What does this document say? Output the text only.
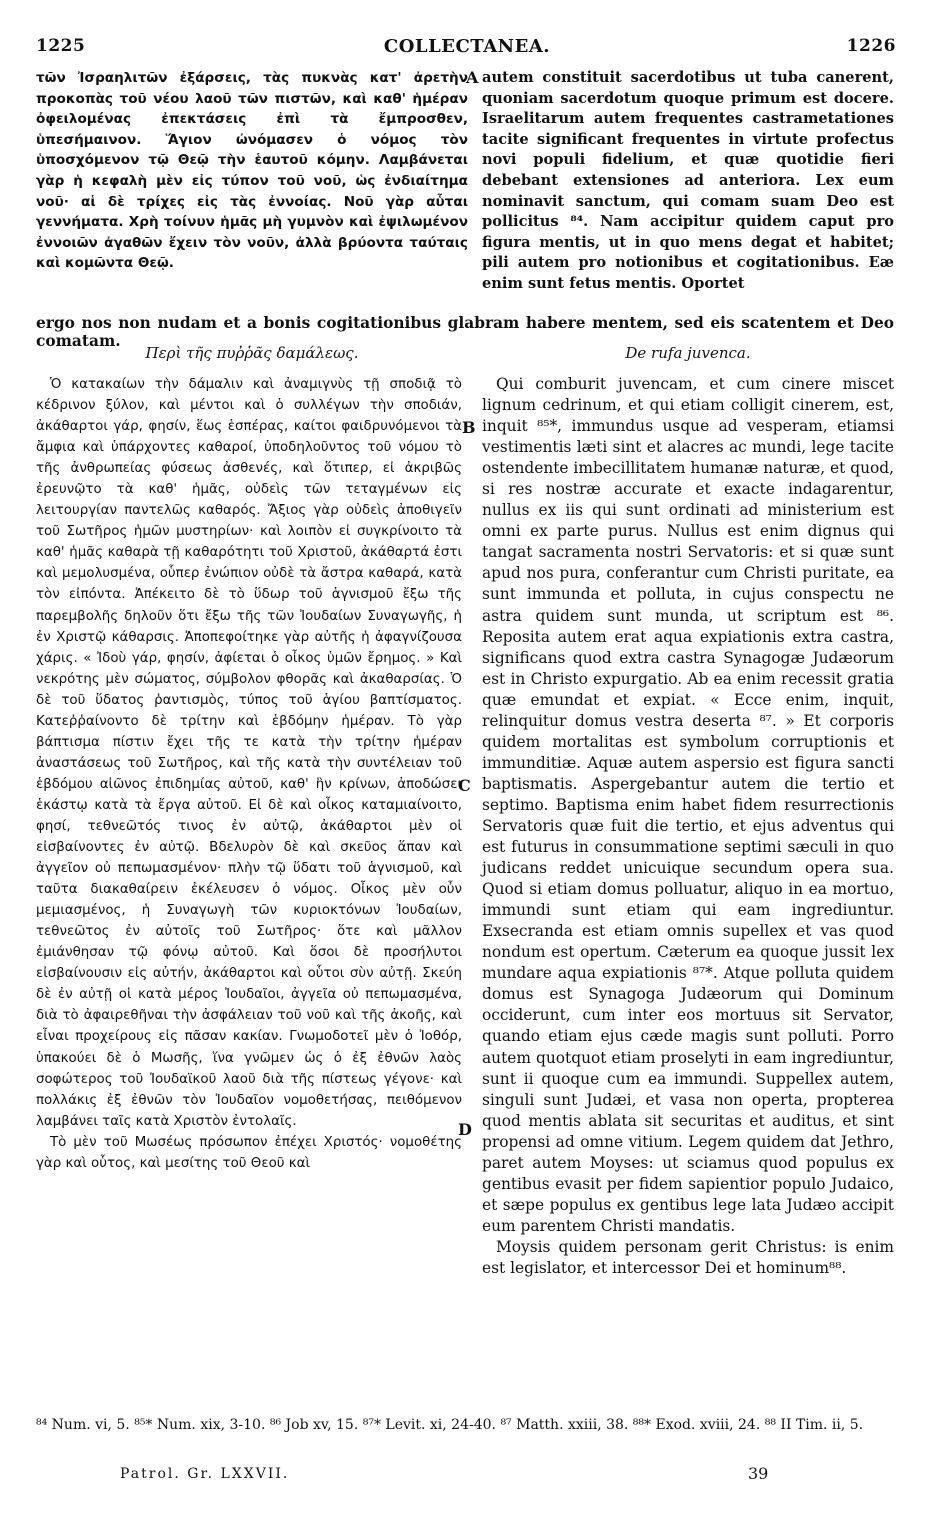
1225	COLLECTANEA.	1226
τῶν Ἰσραηλιτῶν ἐξάρσεις, τὰς πυκνὰς κατ' ἀρετὴν προκοπὰς τοῦ νέου λαοῦ τῶν πιστῶν, καὶ καθ' ἡμέραν ὀφειλομένας ἐπεκτάσεις ἐπὶ τὰ ἔμπροσθεν, ὑπεσήμαινον. Ἅγιον ὠνόμασεν ὁ νόμος τὸν ὑποσχόμενον τῷ Θεῷ τὴν ἑαυτοῦ κόμην. Λαμβάνεται γὰρ ἡ κεφαλὴ μὲν εἰς τύπον τοῦ νοῦ, ὡς ἐνδιαίτημα νοῦ· αἱ δὲ τρίχες εἰς τὰς ἐννοίας. Νοῦ γὰρ αὗται γεννήματα. Χρὴ τοίνυν ἡμᾶς μὴ γυμνὸν καὶ ἐψιλωμένον ἐννοιῶν ἀγαθῶν ἔχειν τὸν νοῦν, ἀλλὰ βρύοντα ταύταις καὶ κομῶντα Θεῷ.
autem constituit sacerdotibus ut tuba canerent, quoniam sacerdotum quoque primum est docere. Israelitarum autem frequentes castrametationes tacite significant frequentes in virtute profectus novi populi fidelium, et quæ quotidie fieri debebant extensiones ad anteriora. Lex eum nominavit sanctum, qui comam suam Deo est pollicitus ⁸⁴. Nam accipitur quidem caput pro figura mentis, ut in quo mens degat et habitet; pili autem pro notionibus et cogitationibus. Eæ enim sunt fetus mentis. Oportet
A
B
C
D
ergo nos non nudam et a bonis cogitationibus glabram habere mentem, sed eis scatentem et Deo comatam.
Περὶ τῆς πυῤῥᾶς δαμάλεως.	De rufa juvenca.

Ὁ κατακαίων τὴν δάμαλιν καὶ ἀναμιγνὺς τῇ σποδιᾷ τὸ κέδρινον ξύλον, καὶ μέντοι καὶ ὁ συλλέγων τὴν σποδιάν, ἀκάθαρτοι γάρ, φησίν, ἕως ἑσπέρας, καίτοι φαιδρυνόμενοι τὰ ἄμφια καὶ ὑπάρχοντες καθαροί, ὑποδηλοῦντος τοῦ νόμου τὸ τῆς ἀνθρωπείας φύσεως ἀσθενές, καὶ ὅτιπερ, εἰ ἀκριβῶς ἐρευνῷτο τὰ καθ' ἡμᾶς, οὐδεὶς τῶν τεταγμένων εἰς λειτουργίαν παντελῶς καθαρός. Ἄξιος γὰρ οὐδεὶς ἀποθιγεῖν τοῦ Σωτῆρος ἡμῶν μυστηρίων· καὶ λοιπὸν εἰ συγκρίνοιτο τὰ καθ' ἡμᾶς καθαρὰ τῇ καθαρότητι τοῦ Χριστοῦ, ἀκάθαρτά ἐστι καὶ μεμολυσμένα, οὗπερ ἐνώπιον οὐδὲ τὰ ἄστρα καθαρά, κατὰ τὸν εἰπόντα. Ἀπέκειτο δὲ τὸ ὕδωρ τοῦ ἁγνισμοῦ ἔξω τῆς παρεμβολῆς δηλοῦν ὅτι ἔξω τῆς τῶν Ἰουδαίων Συναγωγῆς, ἡ ἐν Χριστῷ κάθαρσις. Ἀποπεφοίτηκε γὰρ αὐτῆς ἡ ἀφαγνίζουσα χάρις. « Ἰδοὺ γάρ, φησίν, ἀφίεται ὁ οἶκος ὑμῶν ἔρημος. » Καὶ νεκρότης μὲν σώματος, σύμβολον φθορᾶς καὶ ἀκαθαρσίας. Ὁ δὲ τοῦ ὕδατος ῥαντισμὸς, τύπος τοῦ ἁγίου βαπτίσματος. Κατεῤῥαίνοντο δὲ τρίτην καὶ ἑβδόμην ἡμέραν. Τὸ γὰρ βάπτισμα πίστιν ἔχει τῆς τε κατὰ τὴν τρίτην ἡμέραν ἀναστάσεως τοῦ Σωτῆρος, καὶ τῆς κατὰ τὴν συντέλειαν τοῦ ἑβδόμου αἰῶνος ἐπιδημίας αὐτοῦ, καθ' ἣν κρίνων, ἀποδώσει ἑκάστῳ κατὰ τὰ ἔργα αὐτοῦ. Εἰ δὲ καὶ οἶκος καταμιαίνοιτο, φησί, τεθνεῶτός τινος ἐν αὐτῷ, ἀκάθαρτοι μὲν οἱ εἰσβαίνοντες ἐν αὐτῷ. Βδελυρὸν δὲ καὶ σκεῦος ἅπαν καὶ ἀγγεῖον οὐ πεπωμασμένον· πλὴν τῷ ὕδατι τοῦ ἁγνισμοῦ, καὶ ταῦτα διακαθαίρειν ἐκέλευσεν ὁ νόμος. Οἶκος μὲν οὖν μεμιασμένος, ἡ Συναγωγὴ τῶν κυριοκτόνων Ἰουδαίων, τεθνεῶτος ἐν αὐτοῖς τοῦ Σωτῆρος· ὅτε καὶ μᾶλλον ἐμιάνθησαν τῷ φόνῳ αὐτοῦ. Καὶ ὅσοι δὲ προσήλυτοι εἰσβαίνουσιν εἰς αὐτήν, ἀκάθαρτοι καὶ οὗτοι σὺν αὐτῇ. Σκεύη δὲ ἐν αὐτῇ οἱ κατὰ μέρος Ἰουδαῖοι, ἀγγεῖα οὐ πεπωμασμένα, διὰ τὸ ἀφαιρεθῆναι τὴν ἀσφάλειαν τοῦ νοῦ καὶ τῆς ἀκοῆς, καὶ εἶναι προχείρους εἰς πᾶσαν κακίαν. Γνωμοδοτεῖ μὲν ὁ Ἰοθόρ, ὑπακούει δὲ ὁ Μωσῆς, ἵνα γνῶμεν ὡς ὁ ἐξ ἐθνῶν λαὸς σοφώτερος τοῦ Ἰουδαϊκοῦ λαοῦ διὰ τῆς πίστεως γέγονε· καὶ πολλάκις ἐξ ἐθνῶν τὸν Ἰουδαῖον νομοθετήσας, πειθόμενον λαμβάνει ταῖς κατὰ Χριστὸν ἐντολαῖς.

Τὸ μὲν τοῦ Μωσέως πρόσωπον ἐπέχει Χριστός· νομοθέτης γὰρ καὶ οὗτος, καὶ μεσίτης τοῦ Θεοῦ καὶ

Qui comburit juvencam, et cum cinere miscet lignum cedrinum, et qui etiam colligit cinerem, est, inquit ⁸⁵*, immundus usque ad vesperam, etiamsi vestimentis læti sint et alacres ac mundi, lege tacite ostendente imbecillitatem humanæ naturæ, et quod, si res nostræ accurate et exacte indagarentur, nullus ex iis qui sunt ordinati ad ministerium est omni ex parte purus. Nullus est enim dignus qui tangat sacramenta nostri Servatoris: et si quæ sunt apud nos pura, conferantur cum Christi puritate, ea sunt immunda et polluta, in cujus conspectu ne astra quidem sunt munda, ut scriptum est ⁸⁶. Reposita autem erat aqua expiationis extra castra, significans quod extra castra Synagogæ Judæorum est in Christo expurgatio. Ab ea enim recessit gratia quæ emundat et expiat. « Ecce enim, inquit, relinquitur domus vestra deserta ⁸⁷. » Et corporis quidem mortalitas est symbolum corruptionis et immunditiæ. Aquæ autem aspersio est figura sancti baptismatis. Aspergebantur autem die tertio et septimo. Baptisma enim habet fidem resurrectionis Servatoris quæ fuit die tertio, et ejus adventus qui est futurus in consummatione septimi sæculi in quo judicans reddet unicuique secundum opera sua. Quod si etiam domus polluatur, aliquo in ea mortuo, immundi sunt etiam qui eam ingrediuntur. Exsecranda est etiam omnis supellex et vas quod nondum est opertum. Cæterum ea quoque jussit lex mundare aqua expiationis ⁸⁷*. Atque polluta quidem domus est Synagoga Judæorum qui Dominum occiderunt, cum inter eos mortuus sit Servator, quando etiam ejus cæde magis sunt polluti. Porro autem quotquot etiam proselyti in eam ingrediuntur, sunt ii quoque cum ea immundi. Suppellex autem, singuli sunt Judæi, et vasa non operta, propterea quod mentis ablata sit securitas et auditus, et sint propensi ad omne vitium. Legem quidem dat Jethro, paret autem Moyses: ut sciamus quod populus ex gentibus evasit per fidem sapientior populo Judaico, et sæpe populus ex gentibus lege lata Judæo accipit eum parentem Christi mandatis.

Moysis quidem personam gerit Christus: is enim est legislator, et intercessor Dei et hominum⁸⁸.

⁸⁴ Num. vi, 5. ⁸⁵* Num. xix, 3-10. ⁸⁶ Job xv, 15. ⁸⁷* Levit. xi, 24-40. ⁸⁷ Matth. xxiii, 38. ⁸⁸* Exod. xviii, 24. ⁸⁸ II Tim. ii, 5.
Patrol. Gr. LXXVII.	39
